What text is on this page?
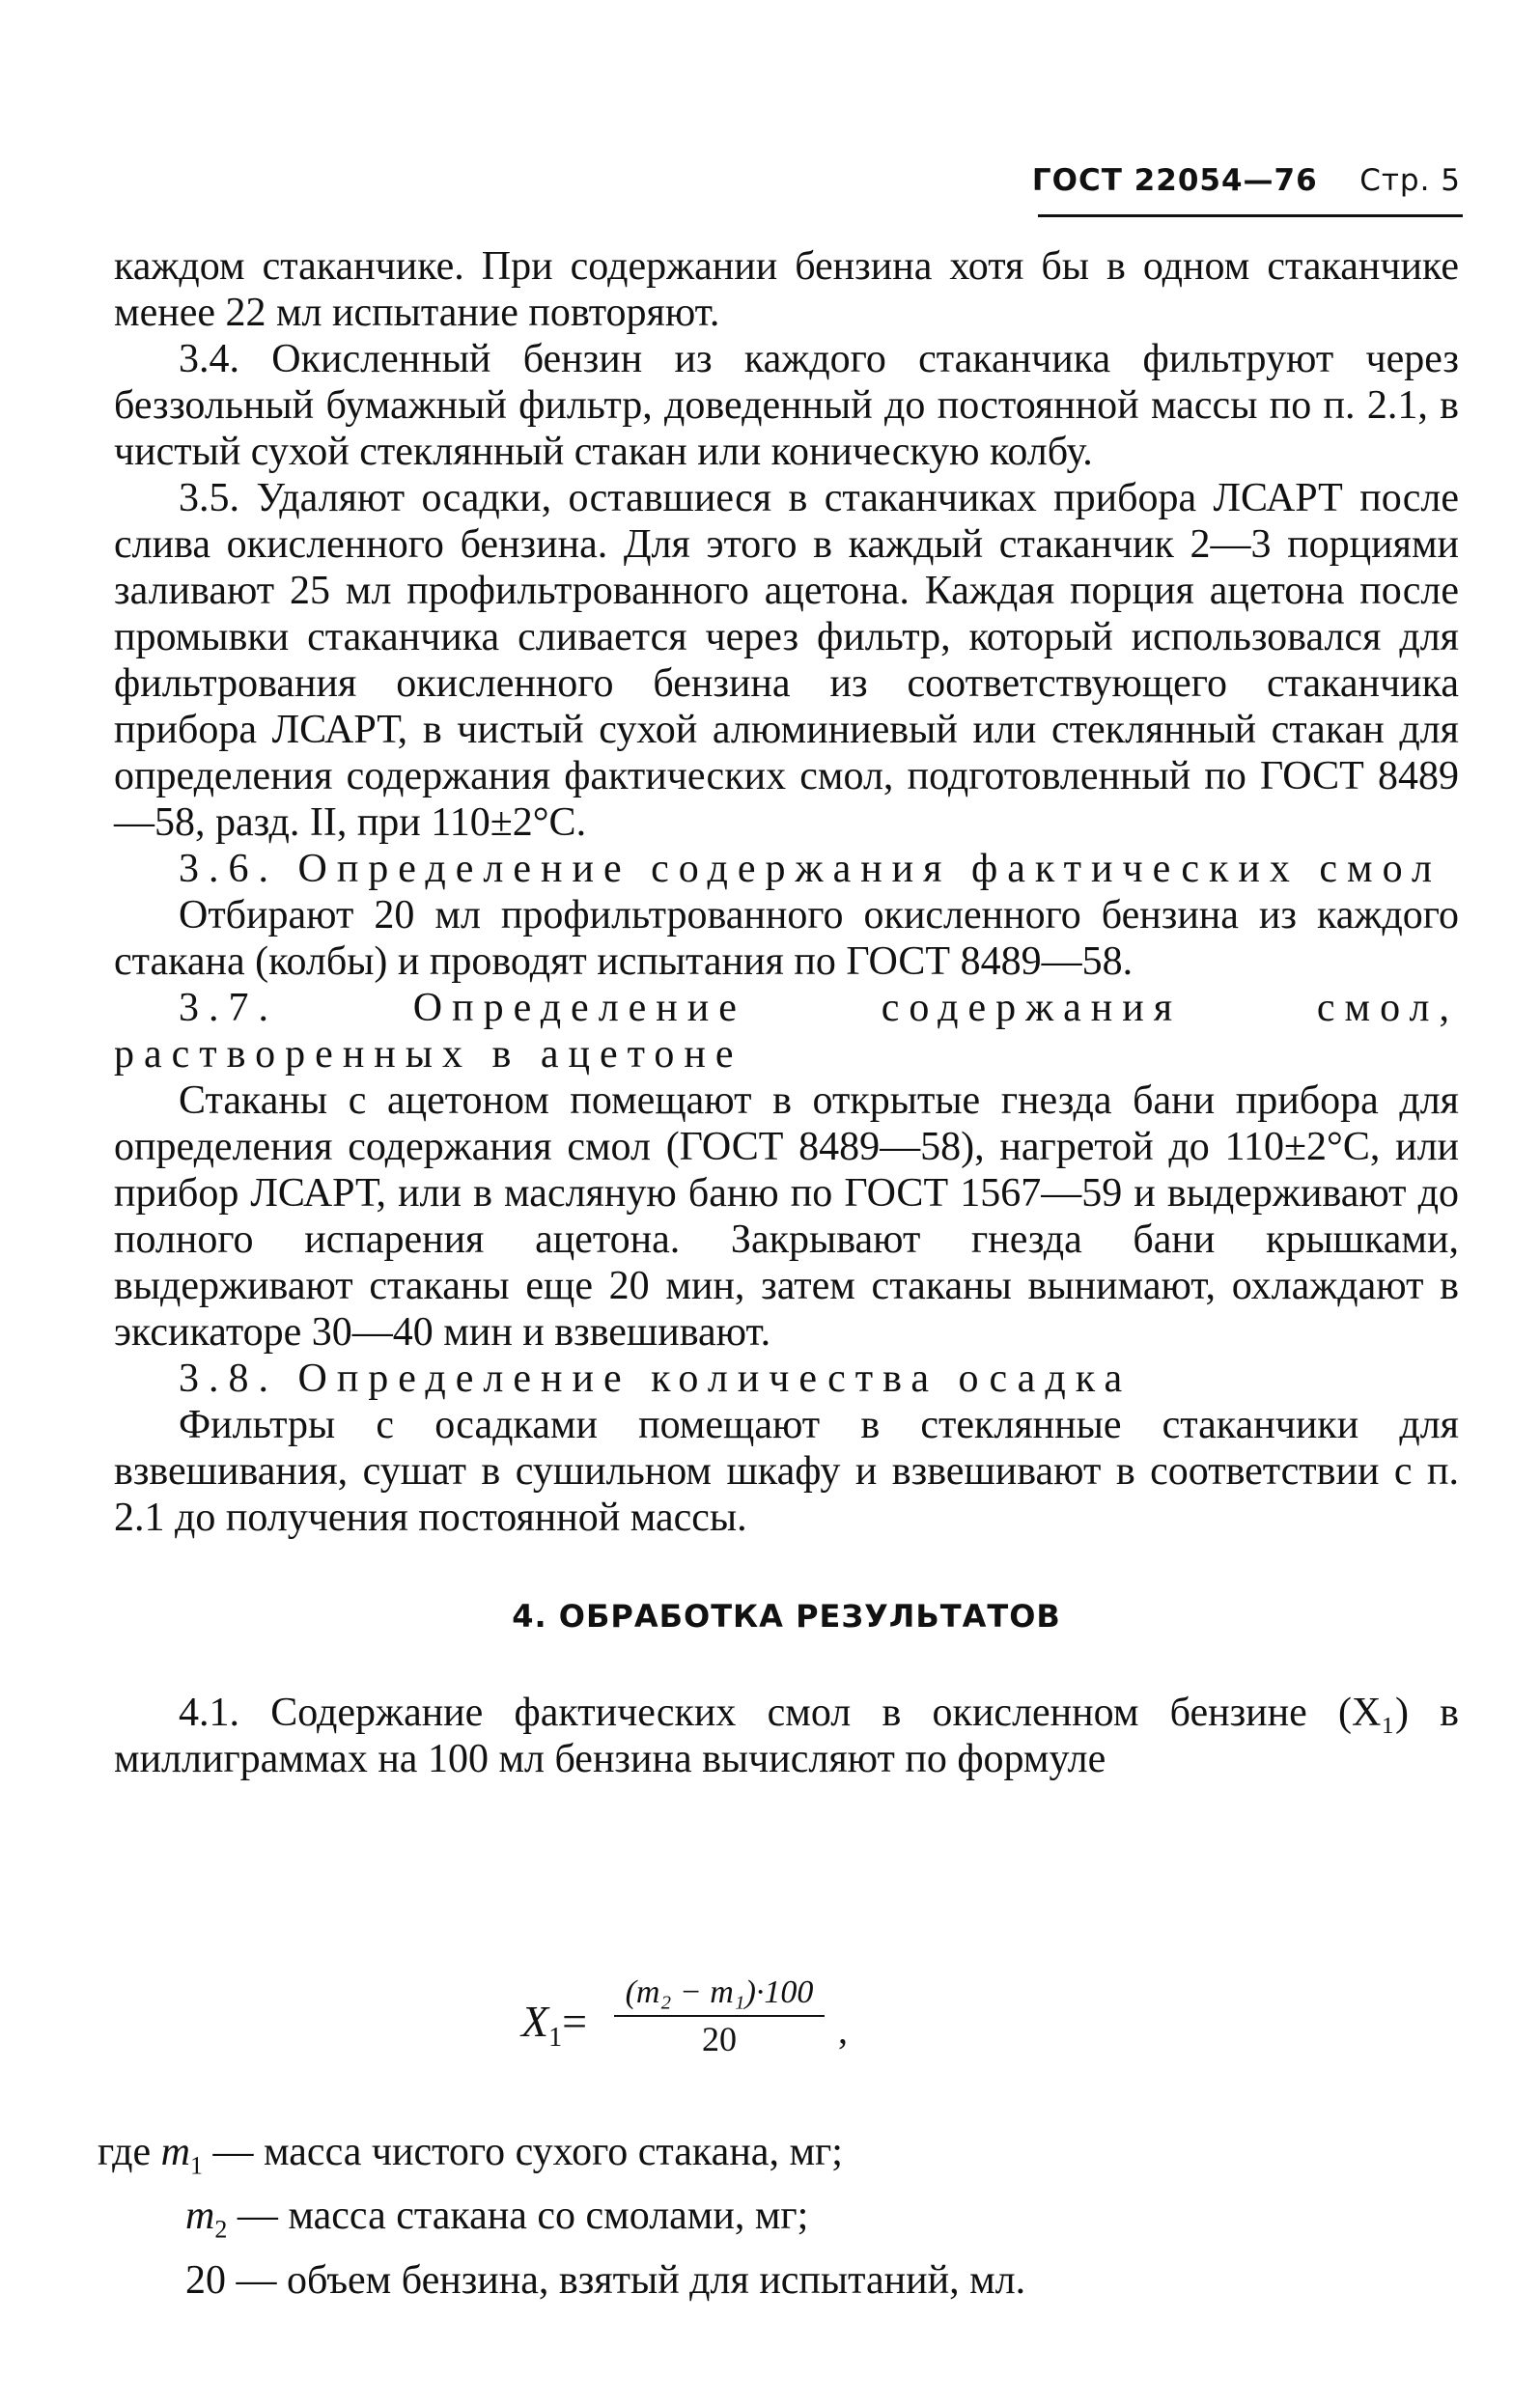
ГОСТ 22054—76 Стр. 5

каждом стаканчике. При содержании бензина хотя бы в одном стаканчике менее 22 мл испытание повторяют.

3.4. Окисленный бензин из каждого стаканчика фильтруют через беззольный бумажный фильтр, доведенный до постоянной массы по п. 2.1, в чистый сухой стеклянный стакан или коническую колбу.

3.5. Удаляют осадки, оставшиеся в стаканчиках прибора ЛСАРТ после слива окисленного бензина. Для этого в каждый стаканчик 2—3 порциями заливают 25 мл профильтрованного ацетона. Каждая порция ацетона после промывки стаканчика сливается через фильтр, который использовался для фильтрования окисленного бензина из соответствующего стаканчика прибора ЛСАРТ, в чистый сухой алюминиевый или стеклянный стакан для определения содержания фактических смол, подготовленный по ГОСТ 8489—58, разд. II, при 110±2°С.

3.6. Определение содержания фактических смол

Отбирают 20 мл профильтрованного окисленного бензина из каждого стакана (колбы) и проводят испытания по ГОСТ 8489—58.

3.7. Определение содержания смол, растворенных в ацетоне

Стаканы с ацетоном помещают в открытые гнезда бани прибора для определения содержания смол (ГОСТ 8489—58), нагретой до 110±2°С, или прибор ЛСАРТ, или в масляную баню по ГОСТ 1567—59 и выдерживают до полного испарения ацетона. Закрывают гнезда бани крышками, выдерживают стаканы еще 20 мин, затем стаканы вынимают, охлаждают в эксикаторе 30—40 мин и взвешивают.

3.8. Определение количества осадка

Фильтры с осадками помещают в стеклянные стаканчики для взвешивания, сушат в сушильном шкафу и взвешивают в соответствии с п. 2.1 до получения постоянной массы.

4. ОБРАБОТКА РЕЗУЛЬТАТОВ

4.1. Содержание фактических смол в окисленном бензине (X₁) в миллиграммах на 100 мл бензина вычисляют по формуле

$X_1= \frac{\text{(m₂ − m₁)·100}}{20}$ ,
где $m_1$ — масса чистого сухого стакана, мг;
$m_2$ — масса стакана со смолами, мг;
20 — объем бензина, взятый для испытаний, мл.
